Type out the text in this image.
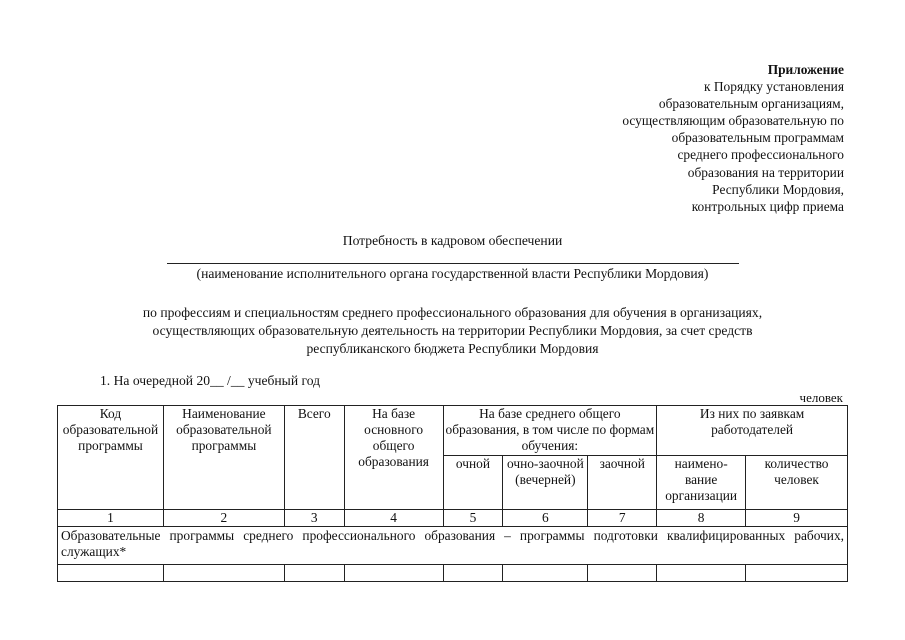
Приложение
к Порядку установления
образовательным организациям,
осуществляющим образовательную по
образовательным программам
среднего профессионального
образования на территории
Республики Мордовия,
контрольных цифр приема
Потребность в кадровом обеспечении
(наименование исполнительного органа государственной власти Республики Мордовия)
по профессиям и специальностям среднего профессионального образования для обучения в организациях,
осуществляющих образовательную деятельность на территории Республики Мордовия, за счет средств
республиканского бюджета Республики Мордовия
1. На очередной 20__ /__ учебный год
человек
Код образовательной программы	Наименование образовательной программы	Всего	На базе основного общего образования	На базе среднего общего образования, в том числе по формам обучения:			Из них по заявкам работодателей	
				очной	очно-заочной (вечерней)	заочной	наимено-вание организации	количество человек
1	2	3	4	5	6	7	8	9
Образовательные программы среднего профессионального образования – программы подготовки квалифицированных рабочих, служащих*								
